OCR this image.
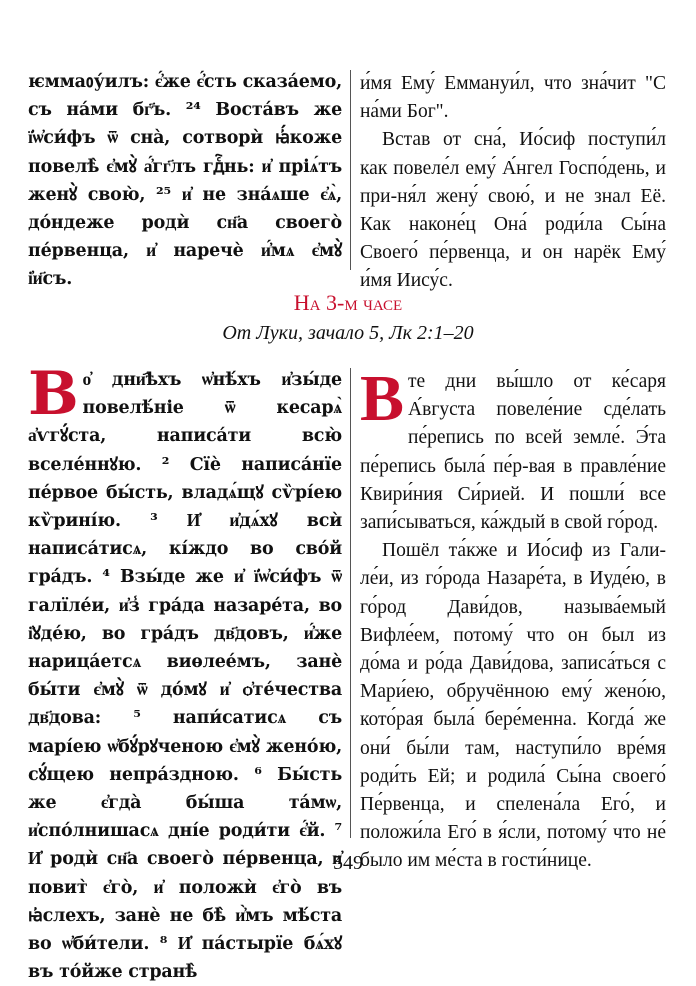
ѥммаᲂу́илъ: є҆́же є҆́сть сказа́емо, съ на́ми бг҃ъ. ²⁴ Воста́въ же ї҆ѡ҆си́фъ ѿ сна̀, сотворѝ ꙗ҆́коже повелѣ̀ є҆мꙋ̀ а҆́гг҃лъ гдⷭ҇нь: и҆ пріѧ́тъ женꙋ̀ свою̀, ²⁵ и҆ не зна́ѧше є҆ѧ̀, до́ндеже родѝ сн҃а своего̀ пе́рвенца, и҆ наречѐ и҆́мѧ є҆мꙋ̀ і҆и҃съ.

и́мя Ему́ Еммануи́л, что зна́чит "С на́ми Бог".

Встав от сна́, Ио́сиф поступи́л как повеле́л ему́ А́нгел Госпо́день, и при-ня́л жену́ свою́, и не знал Её. Как наконе́ц Она́ роди́ла Сы́на Своего́ пе́рвенца, и он нарёк Ему́ и́мя Иису́с.

На 3-м часе
От Луки, зачало 5, Лк 2:1–20
В о҆ дни҄ѣхъ ѡ҆нѣ́хъ и҆зы́де повелѣ́ніе ѿ кесарѧ̀ а҆ѵгꙋ́ста, написа́ти всю̀ вселе́ннꙋю. ² Сїѐ написа́нїе пе́рвое бы́сть, владѧ́щꙋ сѷрі́ею кѷрині́ю. ³ И҆ и҆дѧ́хꙋ всѝ написа́тисѧ, кі́ждо во сво́й гра́дъ. ⁴ Взы́де же и҆ ї҆ѡ҆си́фъ ѿ галїле́и, и҆з̾ гра́да назаре́та, во і҆ꙋде́ю, во гра́дъ дв҃довъ, и҆́же нарица́етсѧ виѳлее́мъ, занѐ бы́ти є҆мꙋ̀ ѿ до́мꙋ и҆ ѻ҆те́чества дв҃дова: ⁵ напи́сатисѧ съ марі́ею ѡ҆бꙋ́рꙋченою є҆мꙋ̀ жено́ю, сꙋ́щею непра́здною. ⁶ Бы́сть же є҆гда̀ бы́ша та́мѡ, и҆спо́лнишасѧ дні́е роди́ти є҆́й. ⁷ И҆ родѝ сн҃а своего̀ пе́рвенца, и҆ повит̀ є҆го̀, и҆ положѝ є҆го̀ въ ꙗ҆слехъ, занѐ не бѣ̀ и҆̀мъ мѣ́ста во ѡ҆би́тели. ⁸ И҆ па́стырїе бѧ́хꙋ въ тóйже странѣ̀

Вте дни вы́шло от ке́саря А́вгуста повеле́ние сде́лать пе́репись по всей земле́. Э́та пе́репись была́ пе́р-вая в правле́ние Квири́ния Си́рией. И пошли́ все запи́сываться, ка́ждый в свой го́род.

Пошёл та́кже и Ио́сиф из Гали-ле́и, из го́рода Назаре́та, в Иуде́ю, в го́род Дави́дов, называ́емый Вифле́ем, потому́ что он был из до́ма и ро́да Дави́дова, записа́ться с Мари́ею, обручённою ему́ жено́ю, кото́рая была́ бере́менна. Когда́ же они́ бы́ли там, наступи́ло вре́мя роди́ть Ей; и родила́ Сы́на своего́ Пе́рвенца, и спелена́ла Его́, и положи́ла Его́ в я́сли, потому́ что не́ было им ме́ста в гости́нице.

549
